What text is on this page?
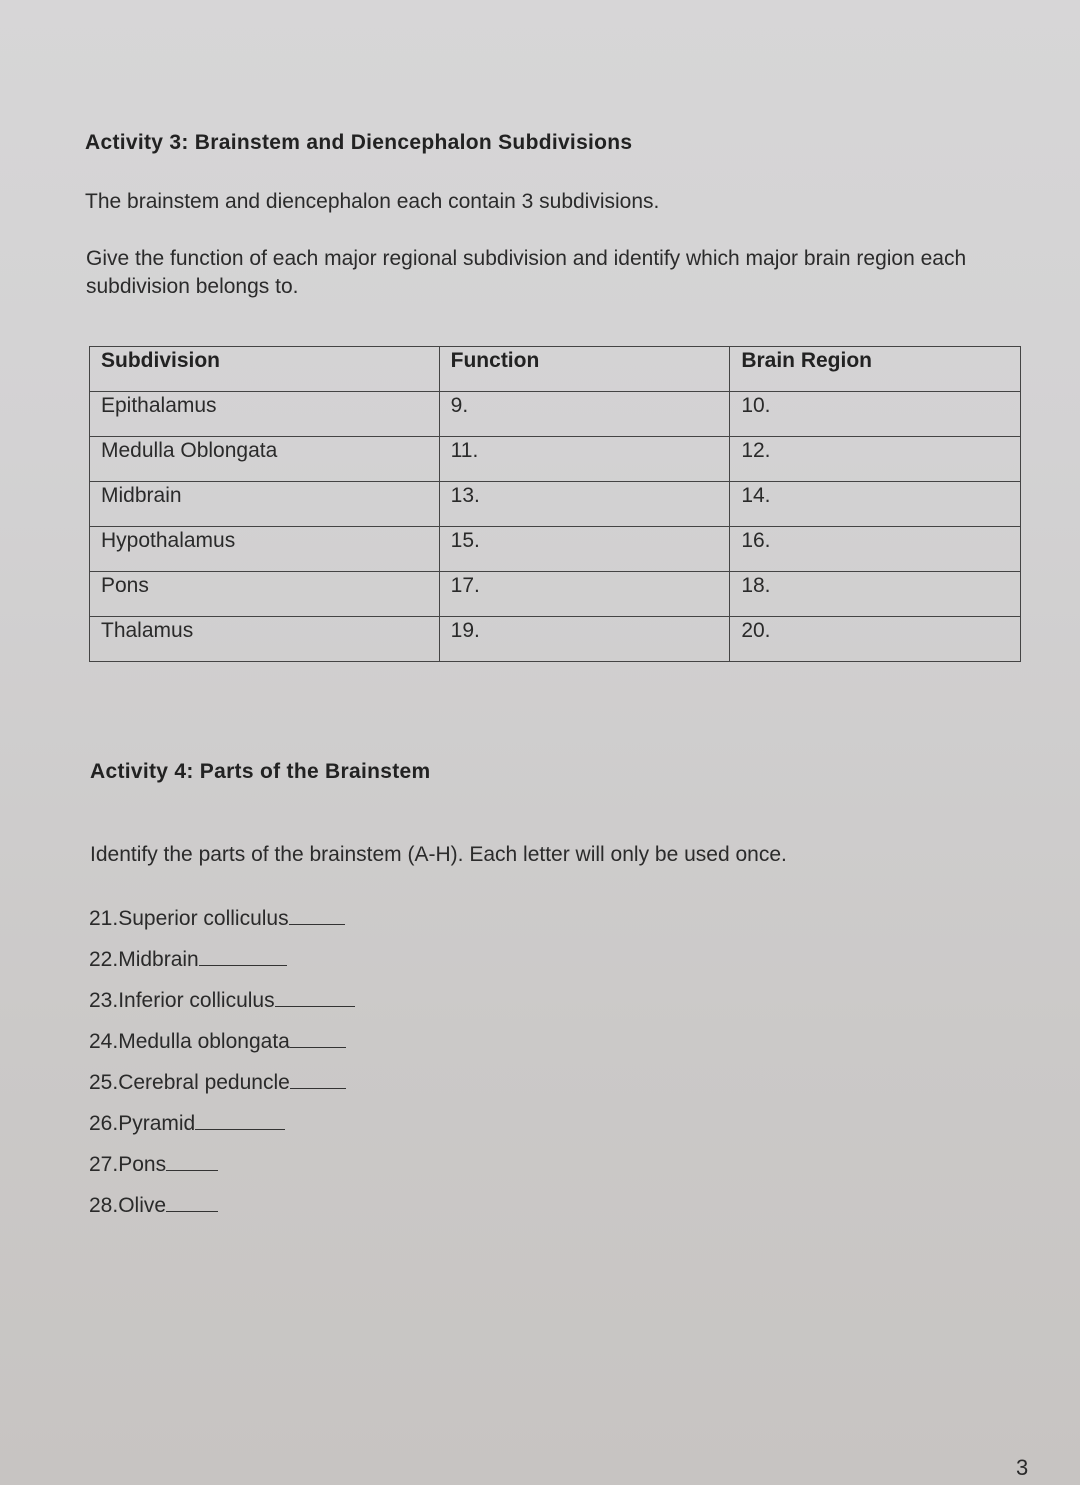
Activity 3: Brainstem and Diencephalon Subdivisions

The brainstem and diencephalon each contain 3 subdivisions.

Give the function of each major regional subdivision and identify which major brain region each subdivision belongs to.

Subdivision	Function	Brain Region
Epithalamus	9.	10.
Medulla Oblongata	11.	12.
Midbrain	13.	14.
Hypothalamus	15.	16.
Pons	17.	18.
Thalamus	19.	20.
Activity 4: Parts of the Brainstem

Identify the parts of the brainstem (A-H). Each letter will only be used once.

21.Superior colliculus
22.Midbrain
23.Inferior colliculus
24.Medulla oblongata
25.Cerebral peduncle
26.Pyramid
27.Pons
28.Olive
3
